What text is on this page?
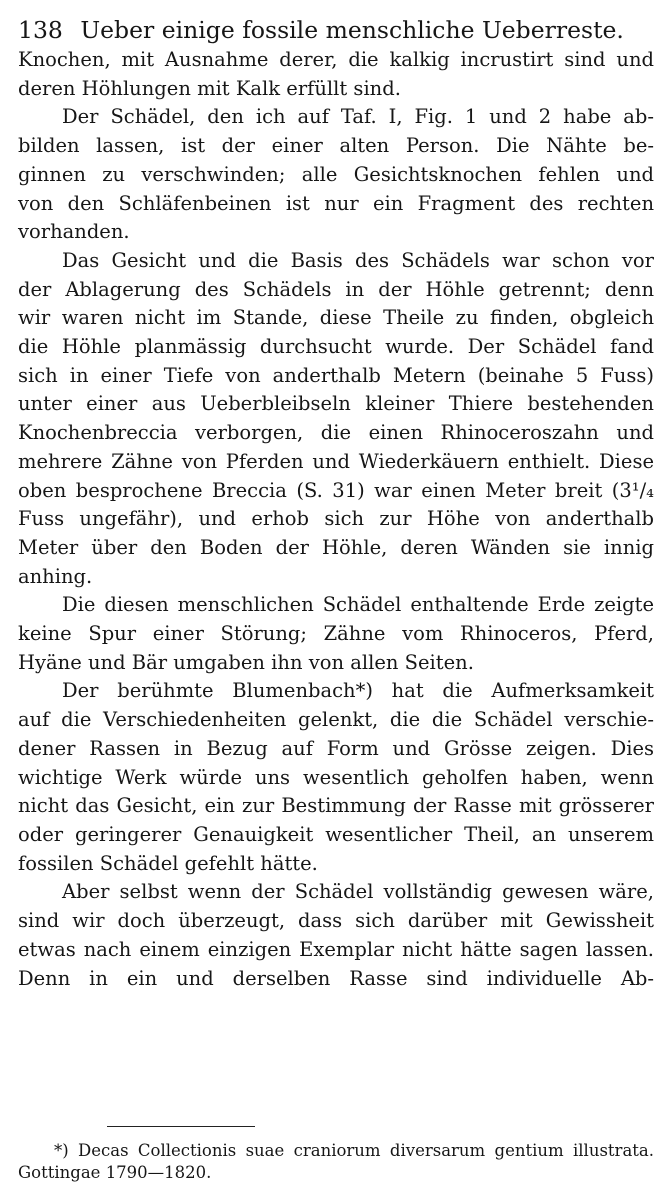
138 Ueber einige fossile menschliche Ueberreste.
Knochen, mit Ausnahme derer, die kalkig incrustirt sind und
deren Höhlungen mit Kalk erfüllt sind.
Der Schädel, den ich auf Taf. I, Fig. 1 und 2 habe ab-
bilden lassen, ist der einer alten Person. Die Nähte be-
ginnen zu verschwinden; alle Gesichtsknochen fehlen und
von den Schläfenbeinen ist nur ein Fragment des rechten
vorhanden.
Das Gesicht und die Basis des Schädels war schon vor
der Ablagerung des Schädels in der Höhle getrennt; denn
wir waren nicht im Stande, diese Theile zu finden, obgleich
die Höhle planmässig durchsucht wurde. Der Schädel fand
sich in einer Tiefe von anderthalb Metern (beinahe 5 Fuss)
unter einer aus Ueberbleibseln kleiner Thiere bestehenden
Knochenbreccia verborgen, die einen Rhinoceroszahn und
mehrere Zähne von Pferden und Wiederkäuern enthielt. Diese
oben besprochene Breccia (S. 31) war einen Meter breit (3¹/₄
Fuss ungefähr), und erhob sich zur Höhe von anderthalb
Meter über den Boden der Höhle, deren Wänden sie innig
anhing.
Die diesen menschlichen Schädel enthaltende Erde zeigte
keine Spur einer Störung; Zähne vom Rhinoceros, Pferd,
Hyäne und Bär umgaben ihn von allen Seiten.
Der berühmte Blumenbach*) hat die Aufmerksamkeit
auf die Verschiedenheiten gelenkt, die die Schädel verschie-
dener Rassen in Bezug auf Form und Grösse zeigen. Dies
wichtige Werk würde uns wesentlich geholfen haben, wenn
nicht das Gesicht, ein zur Bestimmung der Rasse mit grösserer
oder geringerer Genauigkeit wesentlicher Theil, an unserem
fossilen Schädel gefehlt hätte.
Aber selbst wenn der Schädel vollständig gewesen wäre,
sind wir doch überzeugt, dass sich darüber mit Gewissheit
etwas nach einem einzigen Exemplar nicht hätte sagen lassen.
Denn in ein und derselben Rasse sind individuelle Ab-
*) Decas Collectionis suae craniorum diversarum gentium illustrata.
Gottingae 1790—1820.
